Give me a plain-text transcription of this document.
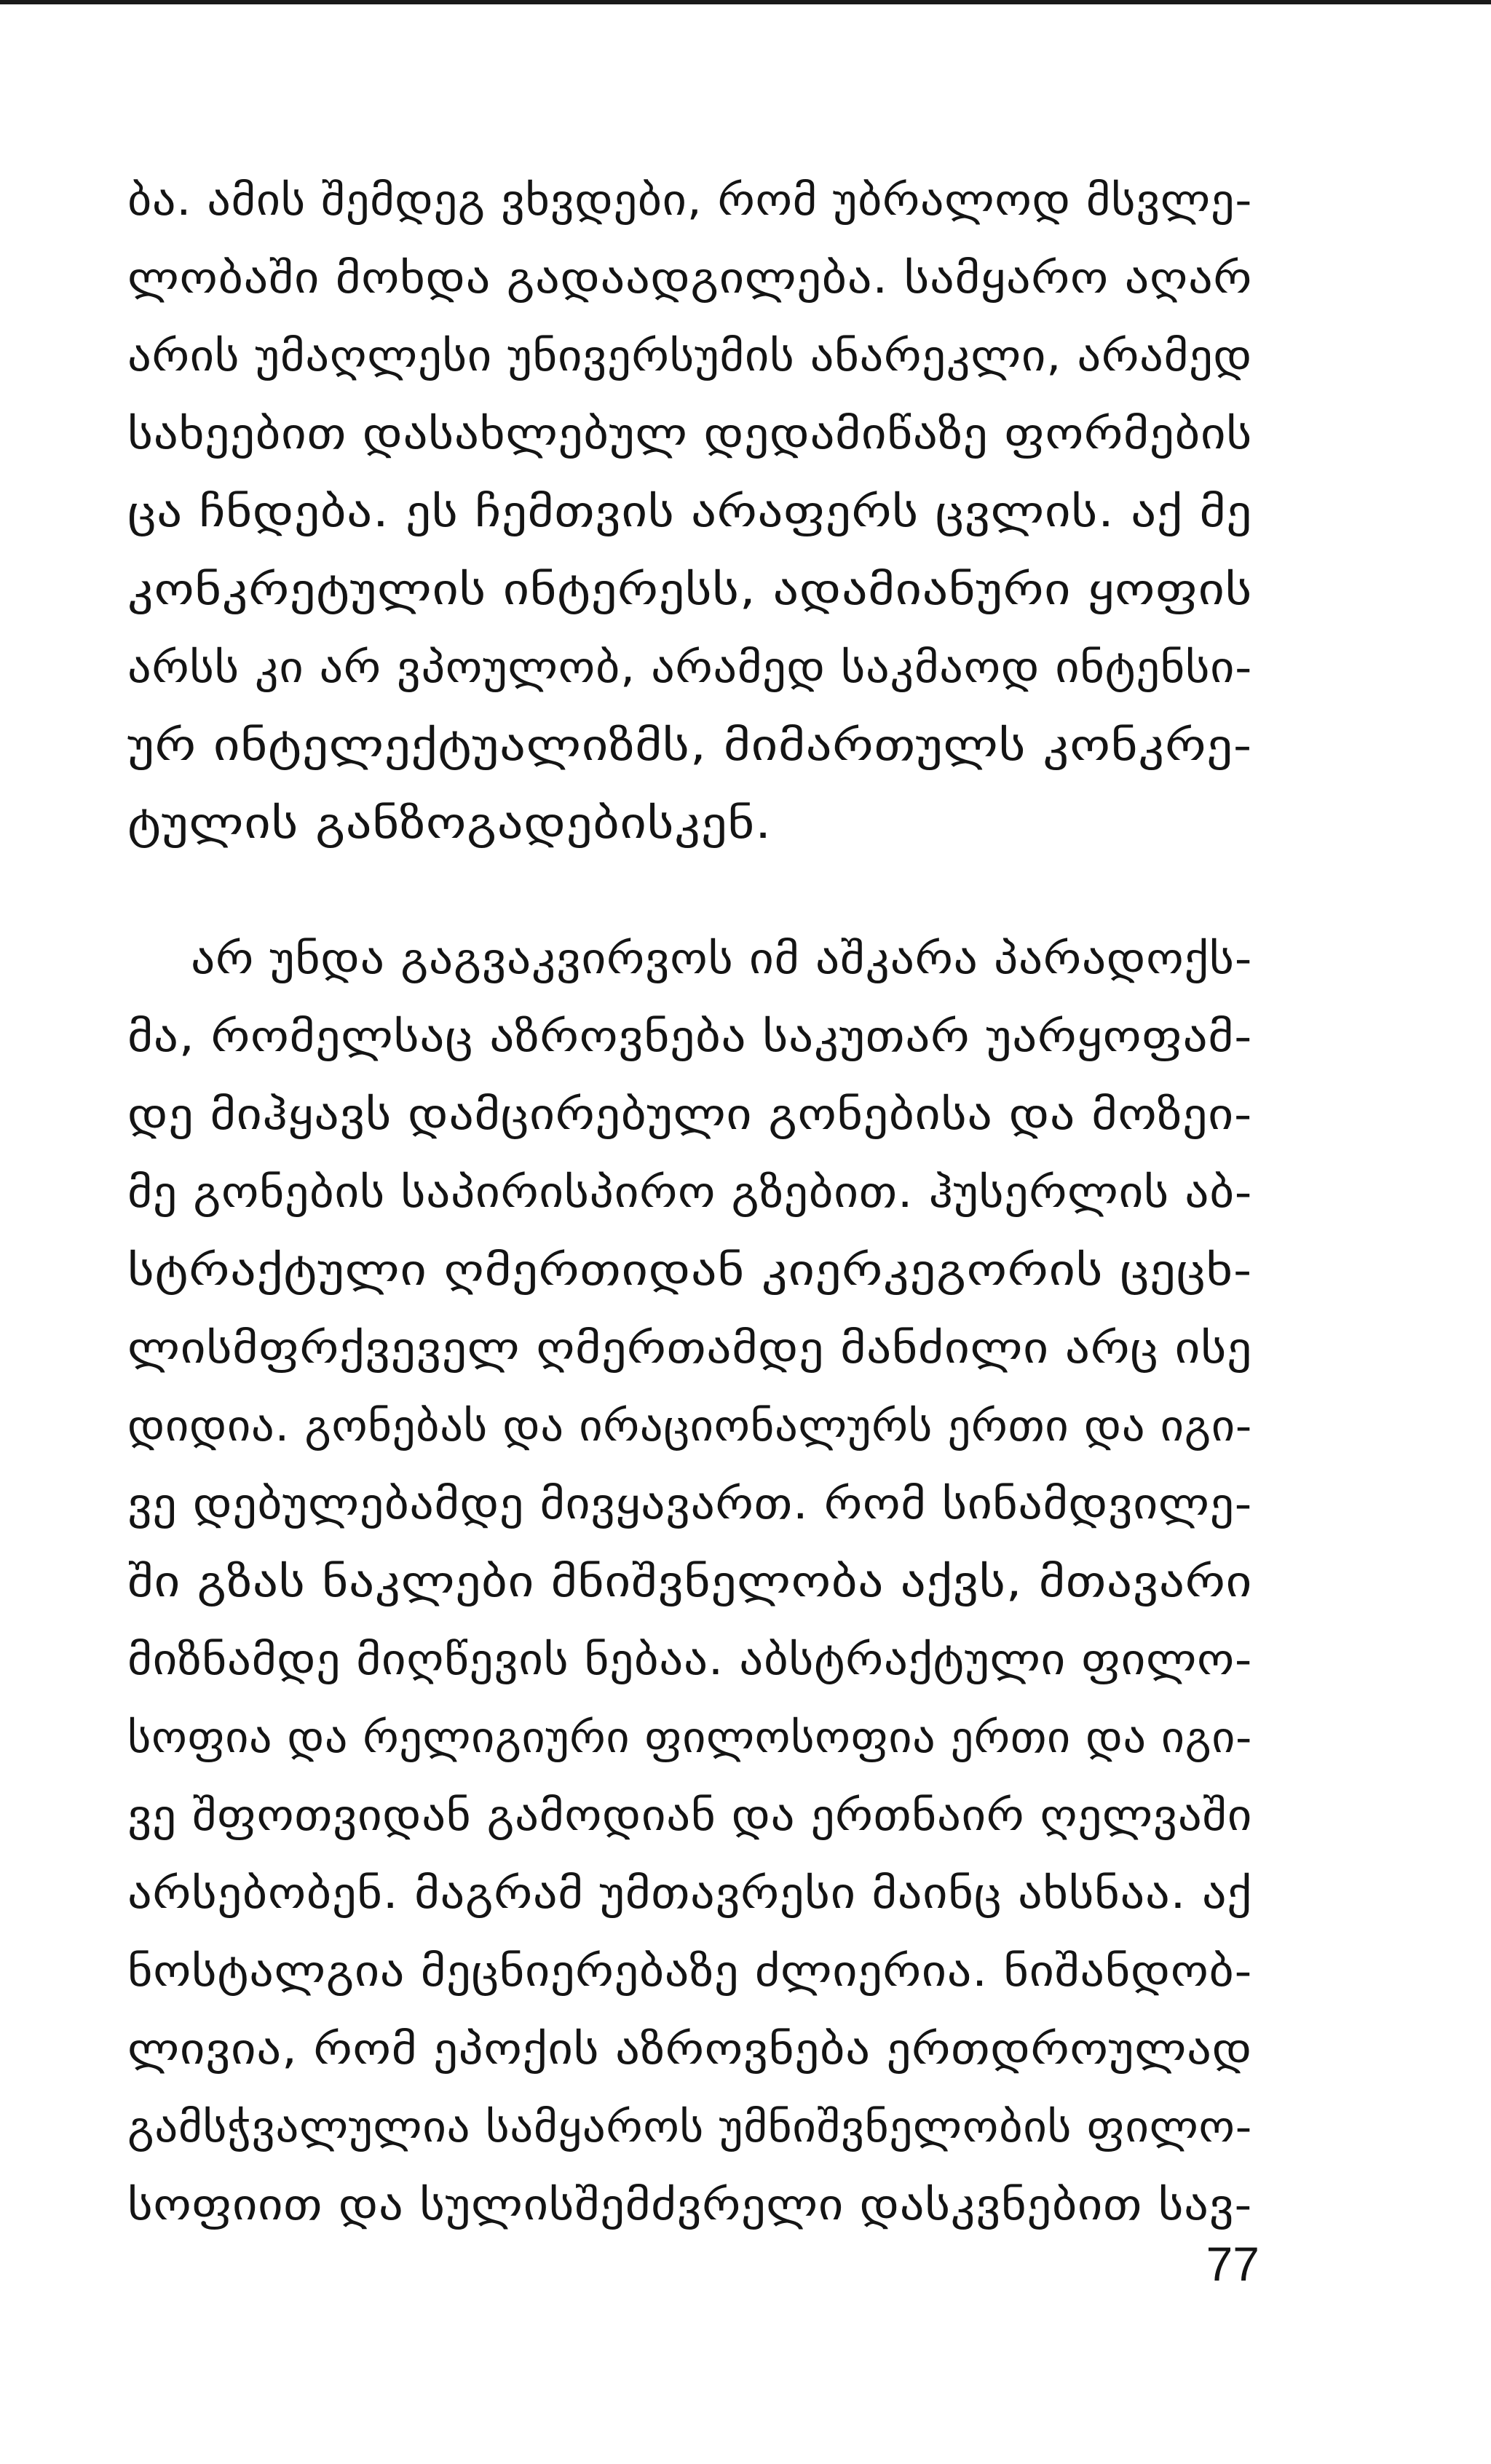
ბა. ამის შემდეგ ვხვდები, რომ უბრალოდ მსვლე-
ლობაში მოხდა გადაადგილება. სამყარო აღარ
არის უმაღლესი უნივერსუმის ანარეკლი, არამედ
სახეებით დასახლებულ დედამიწაზე ფორმების
ცა ჩნდება. ეს ჩემთვის არაფერს ცვლის. აქ მე
კონკრეტულის ინტერესს, ადამიანური ყოფის
არსს კი არ ვპოულობ, არამედ საკმაოდ ინტენსი-
ურ ინტელექტუალიზმს, მიმართულს კონკრე-
ტულის განზოგადებისკენ.
არ უნდა გაგვაკვირვოს იმ აშკარა პარადოქს-
მა, რომელსაც აზროვნება საკუთარ უარყოფამ-
დე მიჰყავს დამცირებული გონებისა და მოზეი-
მე გონების საპირისპირო გზებით. ჰუსერლის აბ-
სტრაქტული ღმერთიდან კიერკეგორის ცეცხ-
ლისმფრქვეველ ღმერთამდე მანძილი არც ისე
დიდია. გონებას და ირაციონალურს ერთი და იგი-
ვე დებულებამდე მივყავართ. რომ სინამდვილე-
ში გზას ნაკლები მნიშვნელობა აქვს, მთავარი
მიზნამდე მიღწევის ნებაა. აბსტრაქტული ფილო-
სოფია და რელიგიური ფილოსოფია ერთი და იგი-
ვე შფოთვიდან გამოდიან და ერთნაირ ღელვაში
არსებობენ. მაგრამ უმთავრესი მაინც ახსნაა. აქ
ნოსტალგია მეცნიერებაზე ძლიერია. ნიშანდობ-
ლივია, რომ ეპოქის აზროვნება ერთდროულად
გამსჭვალულია სამყაროს უმნიშვნელობის ფილო-
სოფიით და სულისშემძვრელი დასკვნებით სავ-
77
